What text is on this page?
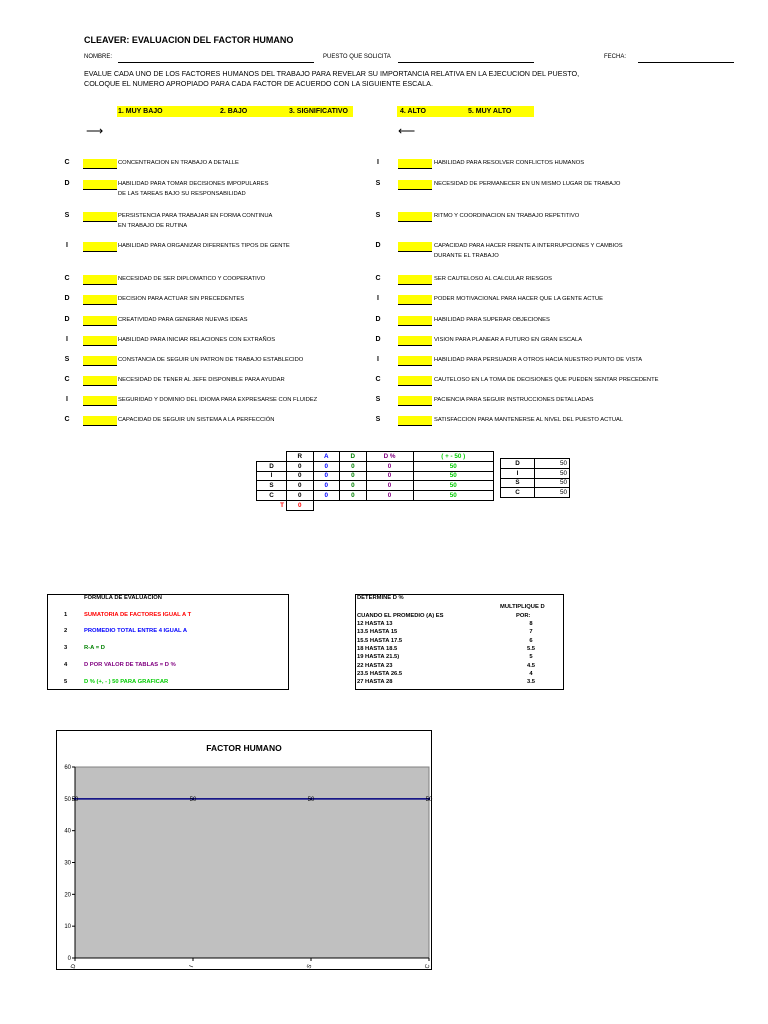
CLEAVER: EVALUACION DEL FACTOR HUMANO
NOMBRE:	PUESTO QUE SOLICITA	FECHA:
EVALUE CADA UNO DE LOS FACTORES HUMANOS DEL TRABAJO PARA REVELAR SU IMPORTANCIA RELATIVA EN LA EJECUCION DEL PUESTO,
COLOQUE EL NUMERO APROPIADO PARA CADA FACTOR DE ACUERDO CON LA SIGUIENTE ESCALA.
1. MUY BAJO	2. BAJO	3. SIGNIFICATIVO	4. ALTO	5. MUY ALTO
⟶	⟵
C	CONCENTRACION EN TRABAJO A DETALLE
D	HABILIDAD PARA TOMAR DECISIONES IMPOPULARES
DE LAS TAREAS BAJO SU RESPONSABILIDAD
S	PERSISTENCIA PARA TRABAJAR EN FORMA CONTINUA
EN TRABAJO DE RUTINA
I	HABILIDAD PARA ORGANIZAR DIFERENTES TIPOS DE GENTE
C	NECESIDAD DE SER DIPLOMATICO Y COOPERATIVO
D	DECISION PARA ACTUAR SIN PRECEDENTES
D	CREATIVIDAD PARA GENERAR NUEVAS IDEAS
I	HABILIDAD PARA INICIAR RELACIONES CON EXTRAÑOS
S	CONSTANCIA DE SEGUIR UN PATRON DE TRABAJO ESTABLECIDO
C	NECESIDAD DE TENER AL JEFE DISPONIBLE PARA AYUDAR
I	SEGURIDAD Y DOMINIO DEL IDIOMA PARA EXPRESARSE CON FLUIDEZ
C	CAPACIDAD DE SEGUIR UN SISTEMA A LA PERFECCIÓN
I	HABILIDAD PARA RESOLVER CONFLICTOS HUMANOS
S	NECESIDAD DE PERMANECER EN UN MISMO LUGAR DE TRABAJO
S	RITMO Y COORDINACION EN TRABAJO REPETITIVO
D	CAPACIDAD PARA HACER FRENTE A INTERRUPCIONES Y CAMBIOS
DURANTE EL TRABAJO
C	SER CAUTELOSO AL CALCULAR RIESGOS
I	PODER MOTIVACIONAL PARA HACER QUE LA GENTE ACTUE
D	HABILIDAD PARA SUPERAR OBJECIONES
D	VISION PARA PLANEAR A FUTURO EN GRAN ESCALA
I	HABILIDAD PARA PERSUADIR A OTROS HACIA NUESTRO PUNTO DE VISTA
C	CAUTELOSO EN LA TOMA DE DECISIONES QUE PUEDEN SENTAR PRECEDENTE
S	PACIENCIA PARA SEGUIR INSTRUCCIONES DETALLADAS
S	SATISFACCION PARA MANTENERSE AL NIVEL DEL PUESTO ACTUAL
	R	A	D	D %	( + - 50 )
D	0	0	0	0	50
I	0	0	0	0	50
S	0	0	0	0	50
C	0	0	0	0	50
T	0				
D	50
I	50
S	50
C	50
FORMULA DE EVALUACION
1	SUMATORIA DE FACTORES IGUAL A T
2	PROMEDIO TOTAL ENTRE 4 IGUAL A
3	R-A = D
4	D POR VALOR DE TABLAS = D %
5	D % (+, - ) 50 PARA GRAFICAR
DETERMINE D %
MULTIPLIQUE D
CUANDO EL PROMEDIO (A) ES	POR:
12 HASTA 13	8
13.5 HASTA 15	7
15.5 HASTA 17.5	6
18 HASTA 18.5	5.5
19 HASTA 21.5)	5
22 HASTA 23	4.5
23.5 HASTA 26.5	4
27 HASTA 28	3.5
FACTOR HUMANO
0
10
20
30
40
50
60
D	I	S	C
50	50	50	50
